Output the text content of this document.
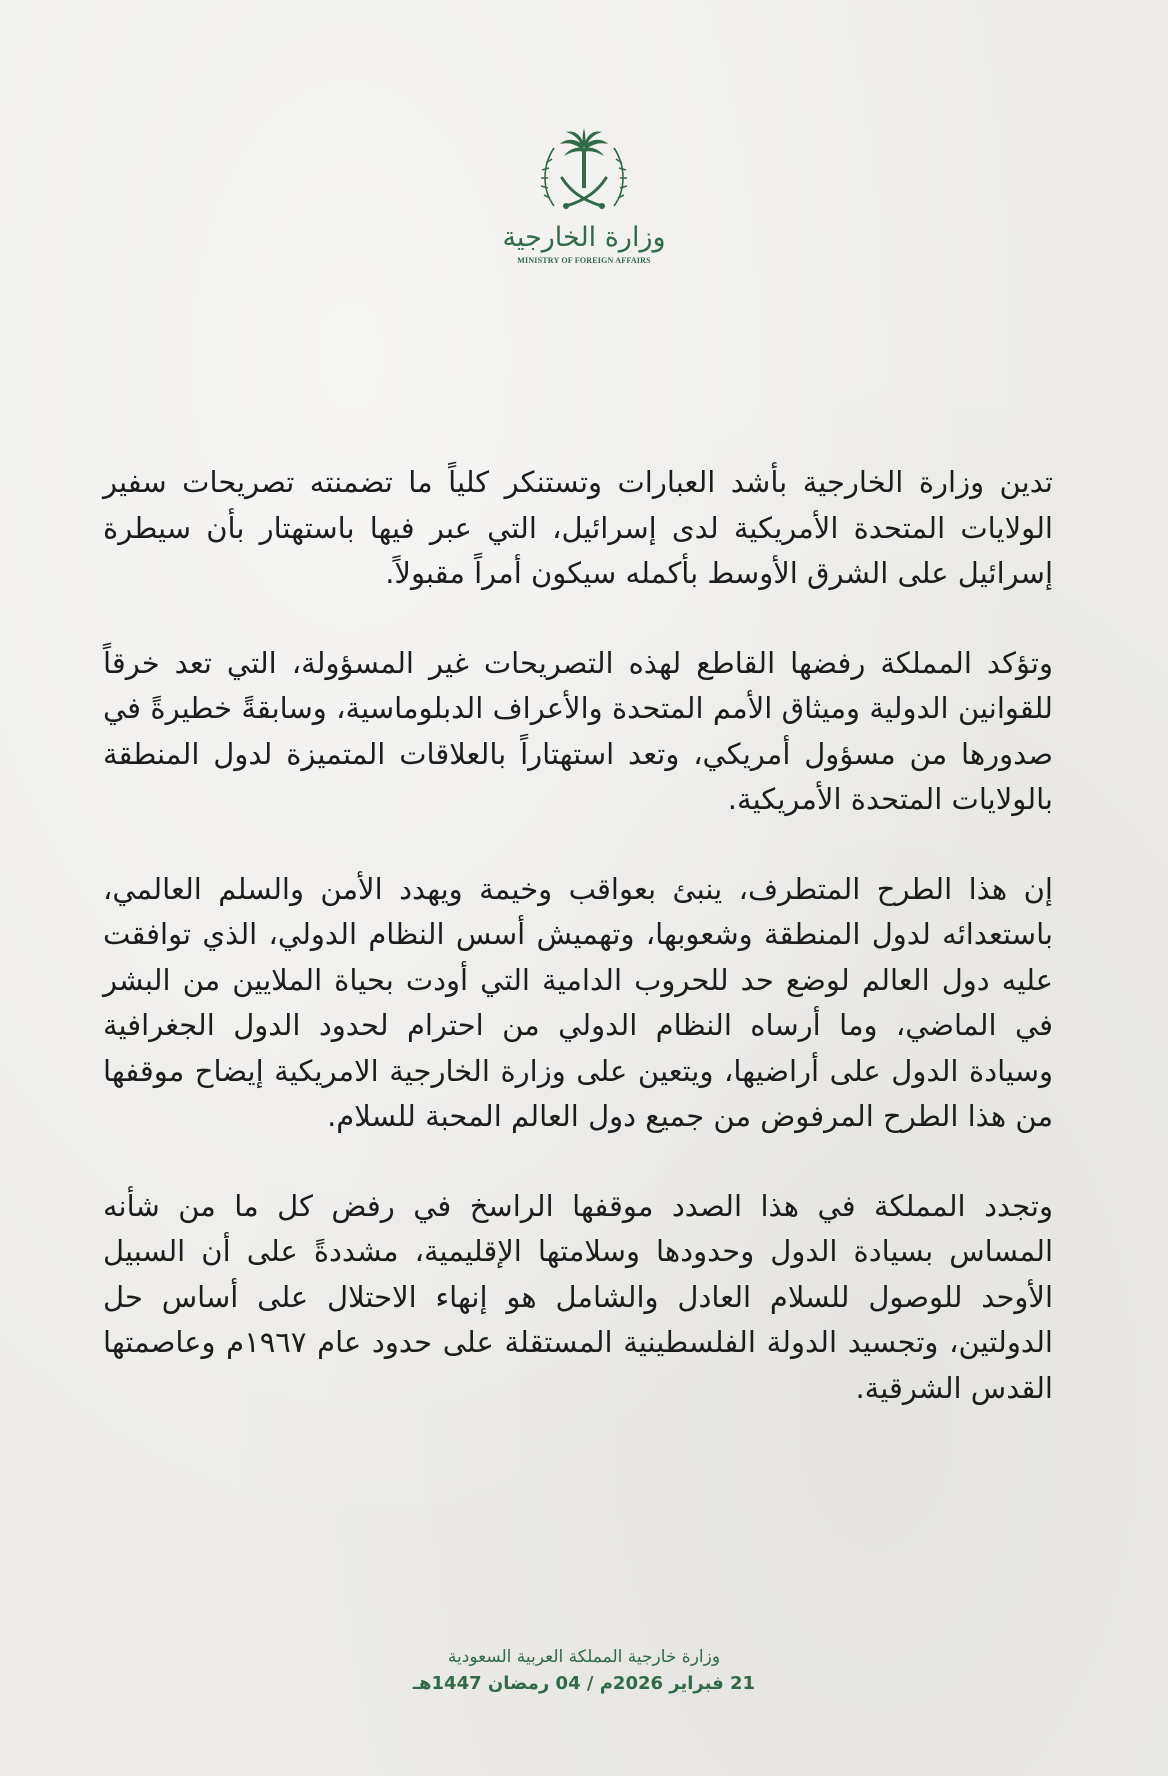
وزارة الخارجية
MINISTRY OF FOREIGN AFFAIRS

تدين وزارة الخارجية بأشد العبارات وتستنكر كلياً ما تضمنته تصريحات سفير الولايات المتحدة الأمريكية لدى إسرائيل، التي عبر فيها باستهتار بأن سيطرة إسرائيل على الشرق الأوسط بأكمله سيكون أمراً مقبولاً.

وتؤكد المملكة رفضها القاطع لهذه التصريحات غير المسؤولة، التي تعد خرقاً للقوانين الدولية وميثاق الأمم المتحدة والأعراف الدبلوماسية، وسابقةً خطيرةً في صدورها من مسؤول أمريكي، وتعد استهتاراً بالعلاقات المتميزة لدول المنطقة بالولايات المتحدة الأمريكية.

إن هذا الطرح المتطرف، ينبئ بعواقب وخيمة ويهدد الأمن والسلم العالمي، باستعدائه لدول المنطقة وشعوبها، وتهميش أسس النظام الدولي، الذي توافقت عليه دول العالم لوضع حد للحروب الدامية التي أودت بحياة الملايين من البشر في الماضي، وما أرساه النظام الدولي من احترام لحدود الدول الجغرافية وسيادة الدول على أراضيها، ويتعين على وزارة الخارجية الامريكية إيضاح موقفها من هذا الطرح المرفوض من جميع دول العالم المحبة للسلام.

وتجدد المملكة في هذا الصدد موقفها الراسخ في رفض كل ما من شأنه المساس بسيادة الدول وحدودها وسلامتها الإقليمية، مشددةً على أن السبيل الأوحد للوصول للسلام العادل والشامل هو إنهاء الاحتلال على أساس حل الدولتين، وتجسيد الدولة الفلسطينية المستقلة على حدود عام ١٩٦٧م وعاصمتها القدس الشرقية.

وزارة خارجية المملكة العربية السعودية
21 فبراير 2026م / 04 رمضان 1447هـ
